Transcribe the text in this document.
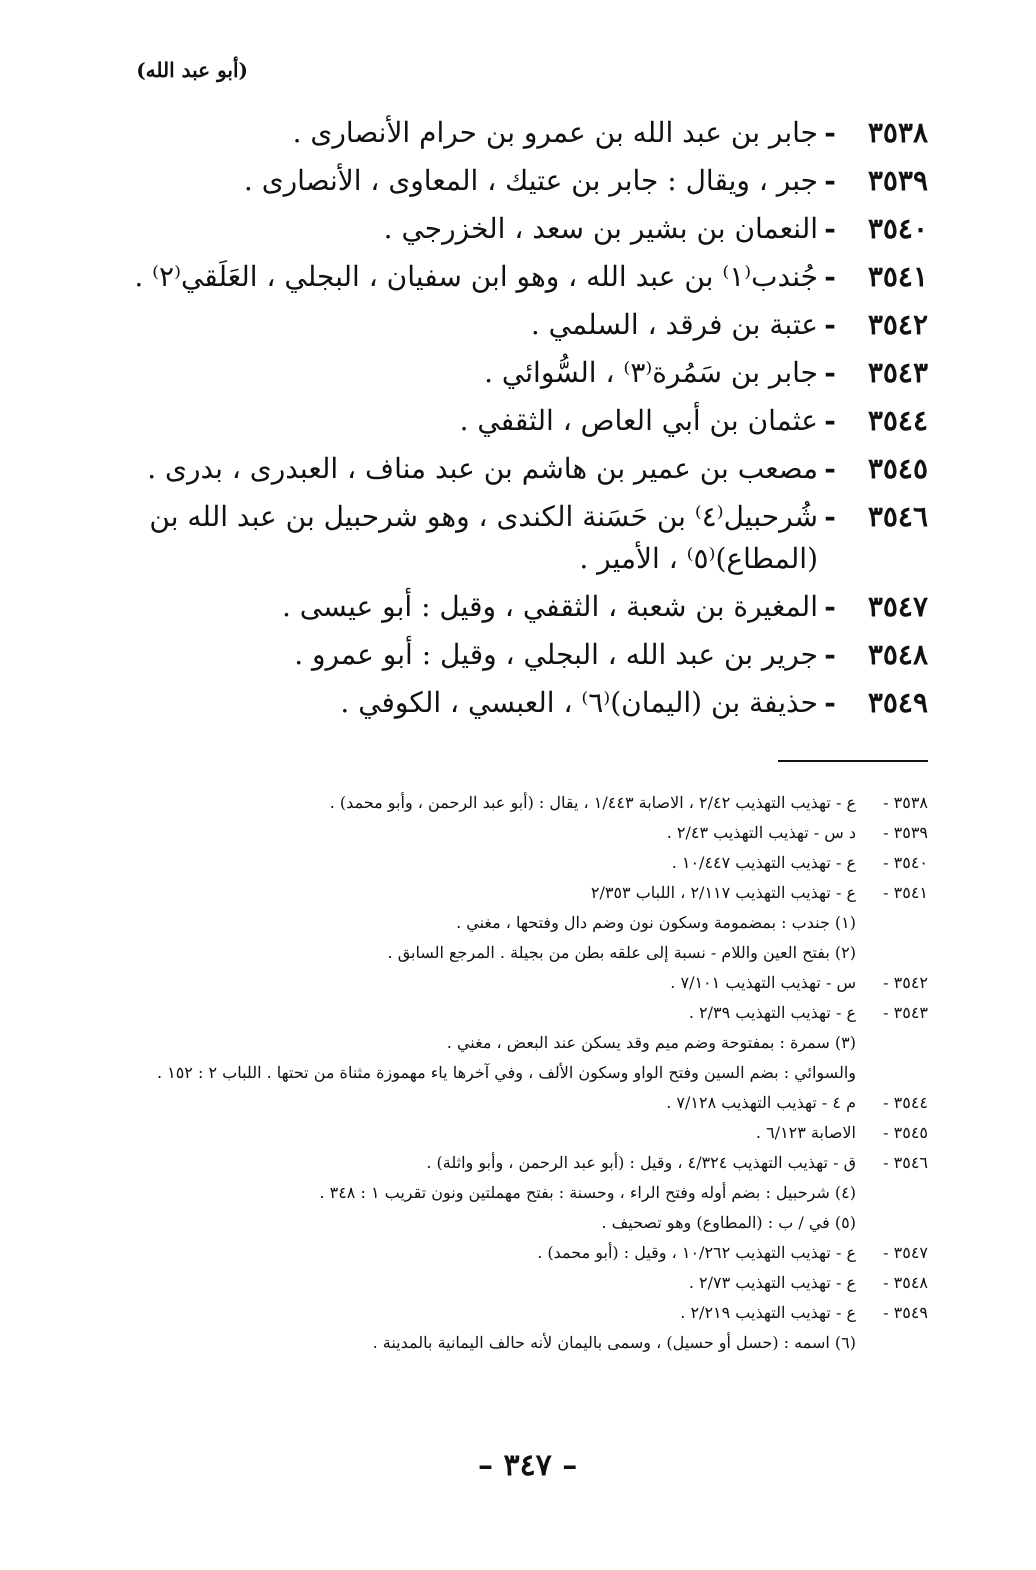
(أبو عبد الله)
٣٥٣٨
-
جابر بن عبد الله بن عمرو بن حرام الأنصارى .
٣٥٣٩
-
جبر ، ويقال : جابر بن عتيك ، المعاوى ، الأنصارى .
٣٥٤٠
-
النعمان بن بشير بن سعد ، الخزرجي .
٣٥٤١
-
جُندب⁽١⁾ بن عبد الله ، وهو ابن سفيان ، البجلي ، العَلَقي⁽٢⁾ .
٣٥٤٢
-
عتبة بن فرقد ، السلمي .
٣٥٤٣
-
جابر بن سَمُرة⁽٣⁾ ، السُّوائي .
٣٥٤٤
-
عثمان بن أبي العاص ، الثقفي .
٣٥٤٥
-
مصعب بن عمير بن هاشم بن عبد مناف ، العبدرى ، بدرى .
٣٥٤٦
-
شُرحبيل⁽٤⁾ بن حَسَنة الكندى ، وهو شرحبيل بن عبد الله بن (المطاع)⁽٥⁾ ، الأمير .
٣٥٤٧
-
المغيرة بن شعبة ، الثقفي ، وقيل : أبو عيسى .
٣٥٤٨
-
جرير بن عبد الله ، البجلي ، وقيل : أبو عمرو .
٣٥٤٩
-
حذيفة بن (اليمان)⁽٦⁾ ، العبسي ، الكوفي .
٣٥٣٨ -
ع - تهذيب التهذيب ٢/٤٢ ، الاصابة ١/٤٤٣ ، يقال : (أبو عبد الرحمن ، وأبو محمد) .
٣٥٣٩ -
د س - تهذيب التهذيب ٢/٤٣ .
٣٥٤٠ -
ع - تهذيب التهذيب ١٠/٤٤٧ .
٣٥٤١ -
ع - تهذيب التهذيب ٢/١١٧ ، اللباب ٢/٣٥٣
(١) جندب : بمضمومة وسكون نون وضم دال وفتحها ، مغني .
(٢) بفتح العين واللام - نسبة إلى علقه بطن من بجيلة . المرجع السابق .
٣٥٤٢ -
س - تهذيب التهذيب ٧/١٠١ .
٣٥٤٣ -
ع - تهذيب التهذيب ٢/٣٩ .
(٣) سمرة : بمفتوحة وضم ميم وقد يسكن عند البعض ، مغني .
والسوائي : بضم السين وفتح الواو وسكون الألف ، وفي آخرها ياء مهموزة مثناة من تحتها . اللباب ٢ : ١٥٢ .
٣٥٤٤ -
م ٤ - تهذيب التهذيب ٧/١٢٨ .
٣٥٤٥ -
الاصابة ٦/١٢٣ .
٣٥٤٦ -
ق - تهذيب التهذيب ٤/٣٢٤ ، وقيل : (أبو عبد الرحمن ، وأبو واثلة) .
(٤) شرحبيل : بضم أوله وفتح الراء ، وحسنة : بفتح مهملتين ونون تقريب ١ : ٣٤٨ .
(٥) في / ب : (المطاوع) وهو تصحيف .
٣٥٤٧ -
ع - تهذيب التهذيب ١٠/٢٦٢ ، وقيل : (أبو محمد) .
٣٥٤٨ -
ع - تهذيب التهذيب ٢/٧٣ .
٣٥٤٩ -
ع - تهذيب التهذيب ٢/٢١٩ .
(٦) اسمه : (حسل أو حسيل) ، وسمى باليمان لأنه حالف اليمانية بالمدينة .
– ٣٤٧ –
